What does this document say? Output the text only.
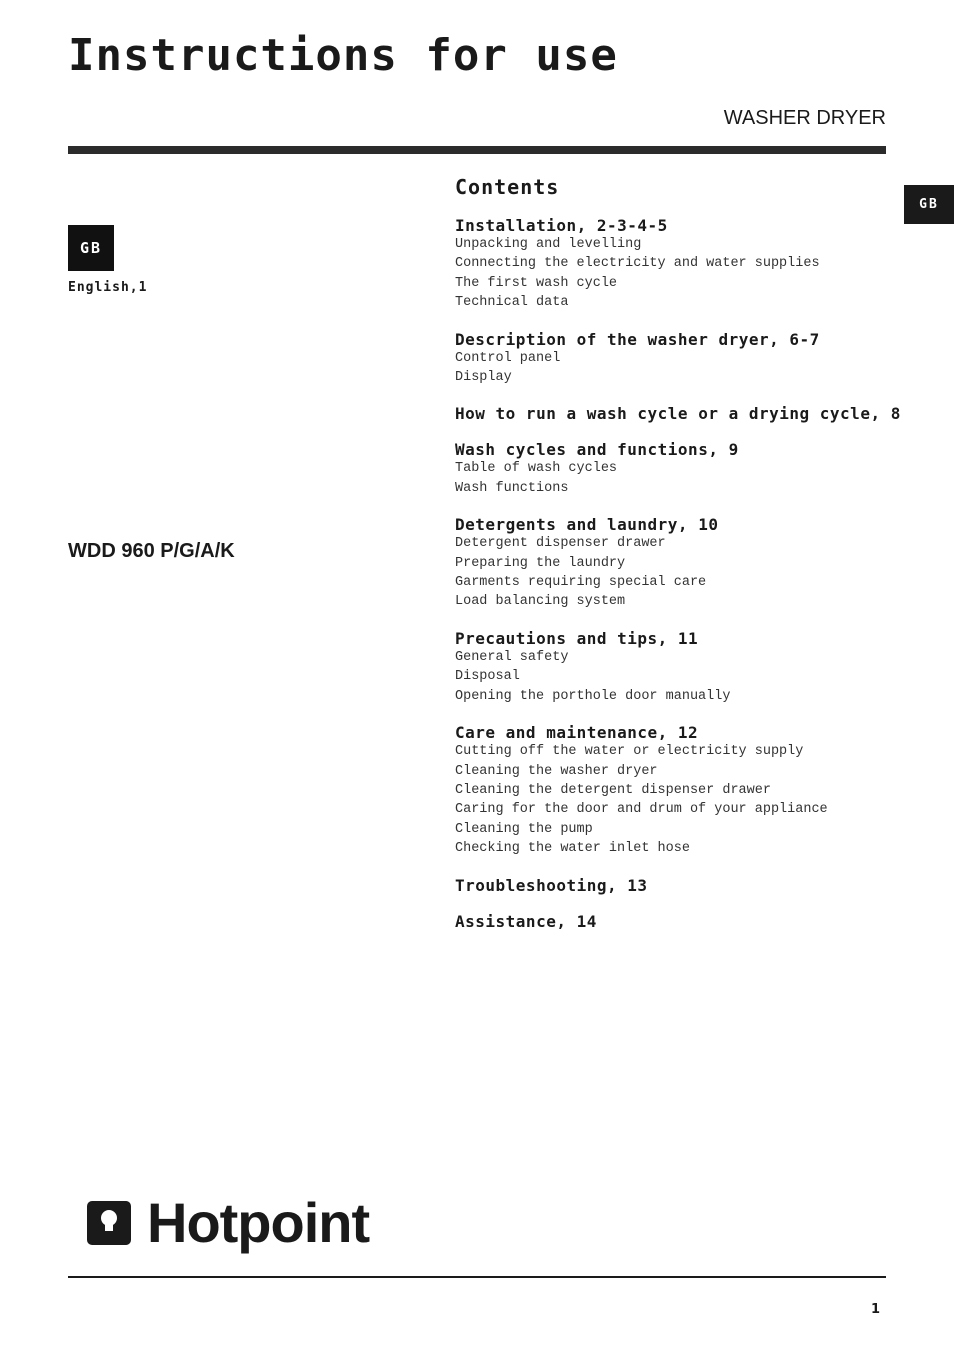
Instructions for use
WASHER DRYER
GB
English,1
GB
WDD 960 P/G/A/K
Contents
Installation, 2-3-4-5
Unpacking and levelling
Connecting the electricity and water supplies
The first wash cycle
Technical data
Description of the washer dryer, 6-7
Control panel
Display
How to run a wash cycle or a drying cycle, 8
Wash cycles and functions, 9
Table of wash cycles
Wash functions
Detergents and laundry, 10
Detergent dispenser drawer
Preparing the laundry
Garments requiring special care
Load balancing system
Precautions and tips, 11
General safety
Disposal
Opening the porthole door manually
Care and maintenance, 12
Cutting off the water or electricity supply
Cleaning the washer dryer
Cleaning the detergent dispenser drawer
Caring for the door and drum of your appliance
Cleaning the pump
Checking the water inlet hose
Troubleshooting, 13
Assistance, 14
Hotpoint
1
